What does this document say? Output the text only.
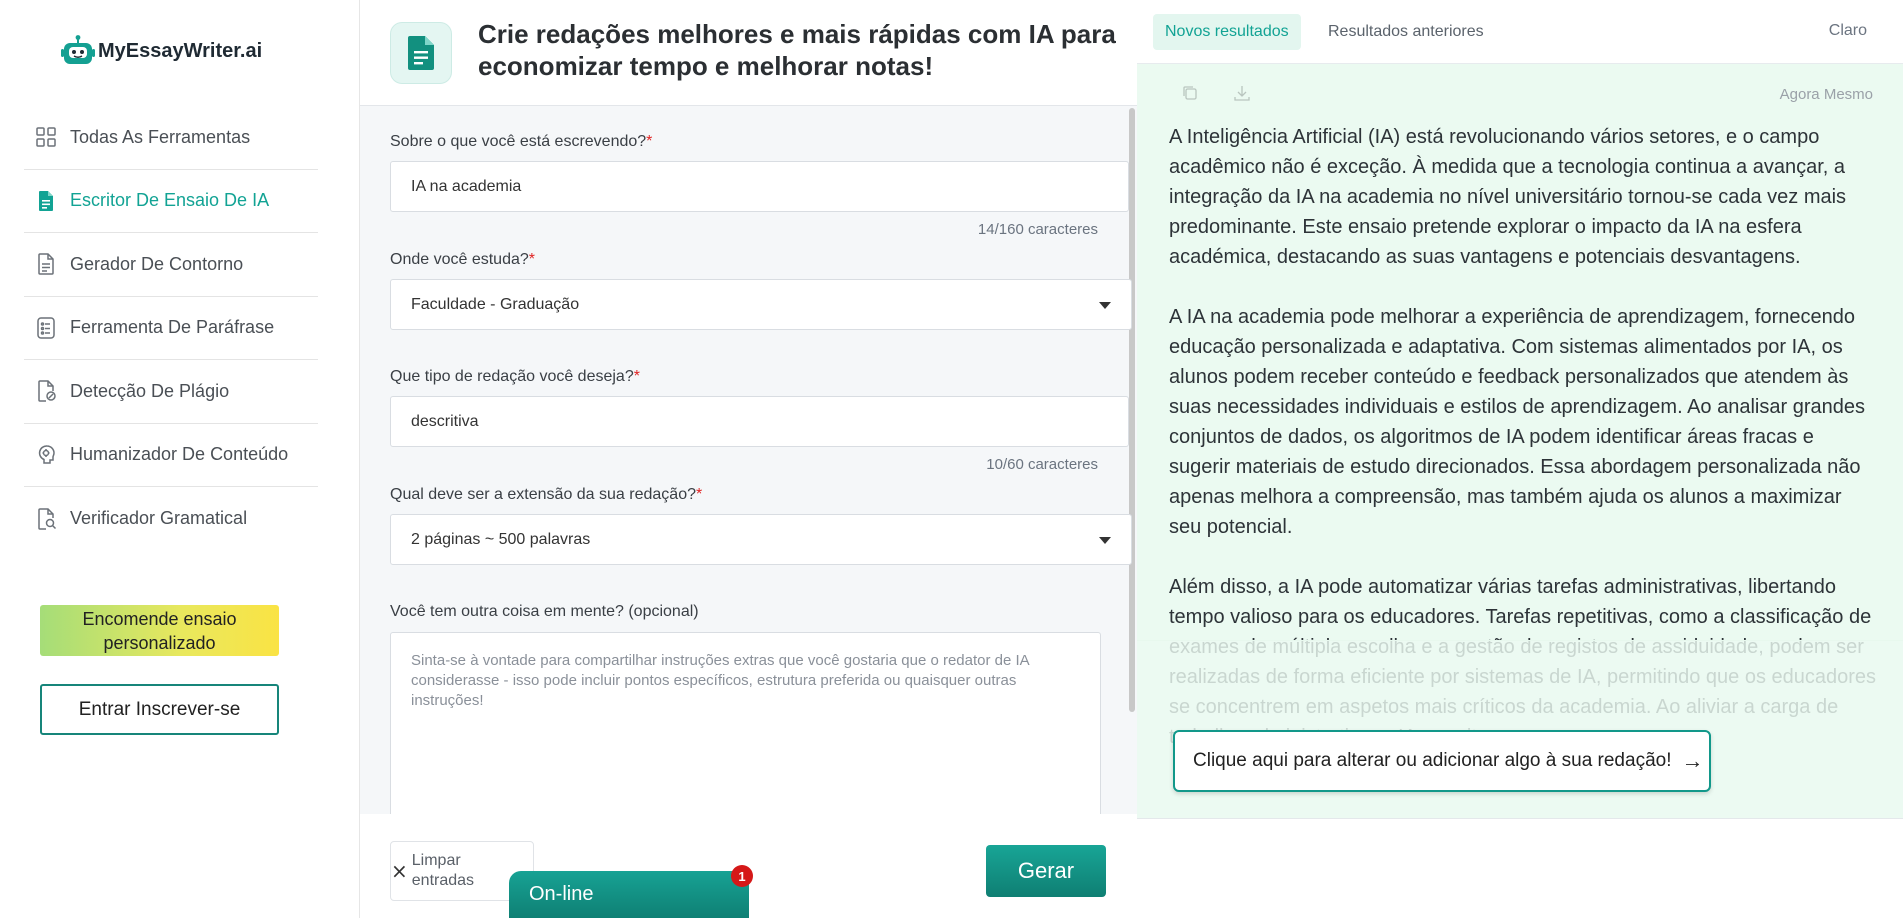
MyEssayWriter.ai
Todas As Ferramentas
Escritor De Ensaio De IA
Gerador De Contorno
Ferramenta De Paráfrase
Detecção De Plágio
Humanizador De Conteúdo
Verificador Gramatical
Encomende ensaio personalizado
Entrar Inscrever-se
Crie redações melhores e mais rápidas com IA para economizar tempo e melhorar notas!
Sobre o que você está escrevendo?*
IA na academia
14/160 caracteres
Onde você estuda?*
Faculdade - Graduação
Que tipo de redação você deseja?*
descritiva
10/60 caracteres
Qual deve ser a extensão da sua redação?*
2 páginas ~ 500 palavras
Você tem outra coisa em mente? (opcional)
Sinta-se à vontade para compartilhar instruções extras que você gostaria que o redator de IA considerasse - isso pode incluir pontos específicos, estrutura preferida ou quaisquer outras instruções!
× Limpar entradas	Gerar
Novos resultados	Resultados anteriores	Claro
Agora Mesmo

A Inteligência Artificial (IA) está revolucionando vários setores, e o campo acadêmico não é exceção. À medida que a tecnologia continua a avançar, a integração da IA na academia no nível universitário tornou-se cada vez mais predominante. Este ensaio pretende explorar o impacto da IA na esfera académica, destacando as suas vantagens e potenciais desvantagens.

A IA na academia pode melhorar a experiência de aprendizagem, fornecendo educação personalizada e adaptativa. Com sistemas alimentados por IA, os alunos podem receber conteúdo e feedback personalizados que atendem às suas necessidades individuais e estilos de aprendizagem. Ao analisar grandes conjuntos de dados, os algoritmos de IA podem identificar áreas fracas e sugerir materiais de estudo direcionados. Essa abordagem personalizada não apenas melhora a compreensão, mas também ajuda os alunos a maximizar seu potencial.

Além disso, a IA pode automatizar várias tarefas administrativas, libertando tempo valioso para os educadores. Tarefas repetitivas, como a classificação de

Clique aqui para alterar ou adicionar algo à sua redação! →
On-line
1
